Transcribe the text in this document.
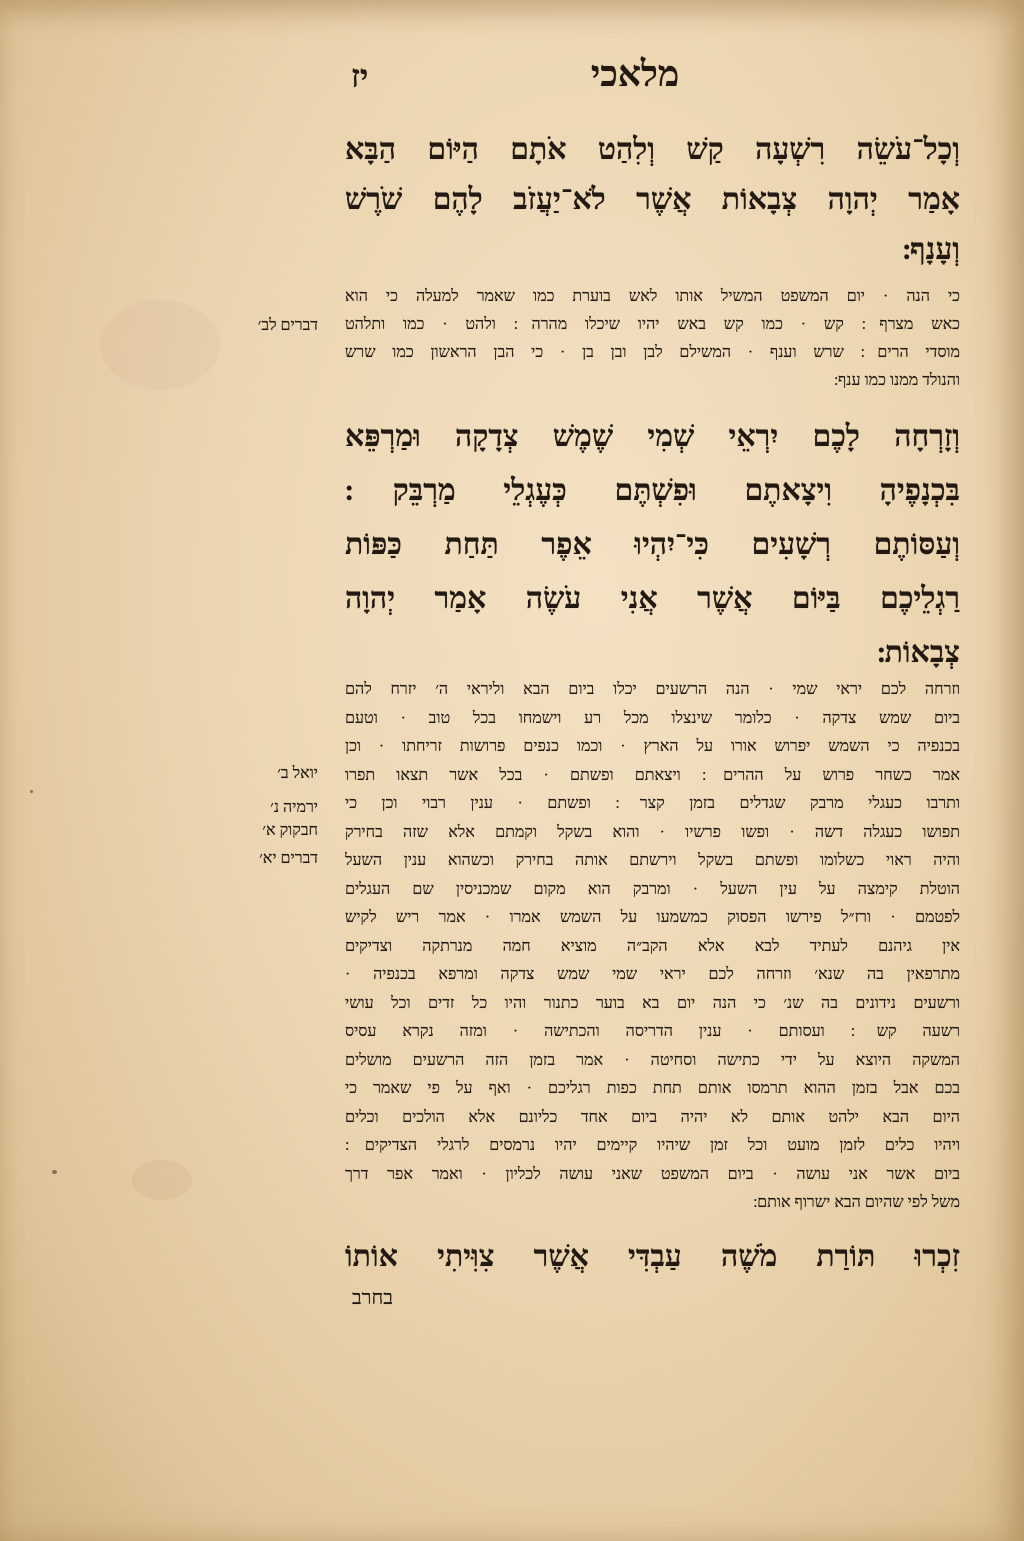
מלאכי
יז
וְכָל־עֹשֵׂה רִשְׁעָה קַשׁ וְלִהַט אֹתָם הַיּוֹם הַבָּא
אָמַר יְהוָה צְבָאוֹת אֲשֶׁר לֹא־יַעֲזֹב לָהֶם שֹׁרֶשׁ
וְעָנָף ׃
כי הנה · יום המשפט המשיל אותו לאש בוערת כמו שאמר למעלה כי הוא
כאש מצרף ׃ קש · כמו קש באש יהיו שיכלו מהרה ׃ ולהט · כמו ותלהט
מוסדי הרים ׃ שרש וענף · המשילם לבן ובן בן · כי הבן הראשון כמו שרש
והנולד ממנו כמו ענף ׃
וְזָרְחָה לָכֶם יִרְאֵי שְׁמִי שֶׁמֶשׁ צְדָקָה וּמַרְפֵּא
בִּכְנָפֶיהָ וִיצָאתֶם וּפִשְׁתֶּם כְּעֶגְלֵי מַרְבֵּק ׃
וְעַסּוֹתֶם רְשָׁעִים כִּי־יִהְיוּ אֵפֶר תַּחַת כַּפּוֹת
רַגְלֵיכֶם בַּיּוֹם אֲשֶׁר אֲנִי עֹשֶׂה אָמַר יְהוָה
צְבָאוֹת ׃
וזרחה לכם יראי שמי · הנה הרשעים יכלו ביום הבא וליראי ה׳ יזרח להם
ביום שמש צדקה · כלומר שינצלו מכל רע וישמחו בכל טוב · וטעם
בכנפיה כי השמש יפרוש אורו על הארץ · וכמו כנפים פרושות זריחתו · וכן
אמר כשחר פרוש על ההרים ׃ ויצאתם ופשתם · בכל אשר תצאו תפרו
ותרבו כעגלי מרבק שגדלים בזמן קצר ׃ ופשתם · ענין רבוי וכן כי
תפושו כעגלה דשה · ופשו פרשיו · והוא בשקל וקמתם אלא שזה בחירק
והיה ראוי כשלומו ופשתם בשקל וירשתם אותה בחירק וכשהוא ענין השעל
הוטלת קימצה על עין השעל · ומרבק הוא מקום שמכניסין שם העגלים
לפטמם · ורז״ל פירשו הפסוק כמשמעו על השמש אמרו · אמר ריש לקיש
אין גיהנם לעתיד לבא אלא הקב״ה מוציא חמה מנרתקה וצדיקים
מתרפאין בה שנא׳ וזרחה לכם יראי שמי שמש צדקה ומרפא בכנפיה ·
ורשעים נידונים בה שנ׳ כי הנה יום בא בוער כתנור והיו כל זדים וכל עושי
רשעה קש ׃ ועסותם · ענין הדריסה והכתישה · ומזה נקרא עסיס
המשקה היוצא על ידי כתישה וסחיטה · אמר בזמן הזה הרשעים מושלים
בכם אבל בזמן ההוא תרמסו אותם תחת כפות רגליכם · ואף על פי שאמר כי
היום הבא ילהט אותם לא יהיה ביום אחד כליונם אלא הולכים וכלים
ויהיו כלים לזמן מועט וכל זמן שיהיו קיימים יהיו נרמסים לרגלי הצדיקים ׃
ביום אשר אני עושה · ביום המשפט שאני עושה לכליון · ואמר אפר דרך
משל לפי שהיום הבא ישרוף אותם ׃
זִכְרוּ תּוֹרַת מֹשֶׁה עַבְדִּי אֲשֶׁר צִוִּיתִי אוֹתוֹ
בחרב
דברים לב׳
יואל ב׳
ירמיה נ׳
חבקוק א׳
דברים יא׳
